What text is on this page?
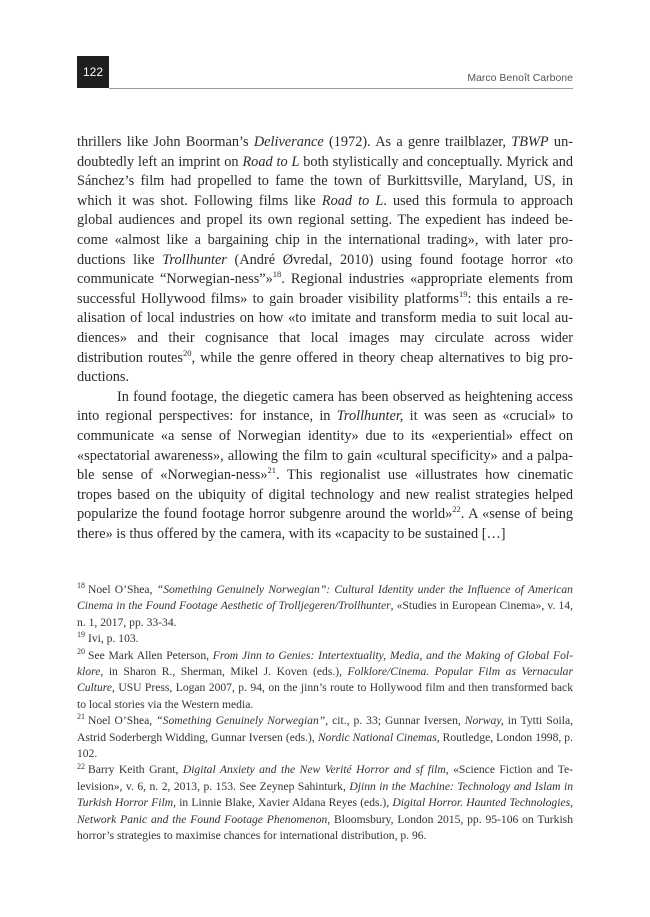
122	Marco Benoît Carbone

thrillers like John Boorman’s Deliverance (1972). As a genre trailblazer, TBWP undoubtedly left an imprint on Road to L both stylistically and conceptually. Myrick and Sánchez’s film had propelled to fame the town of Burkittsville, Maryland, US, in which it was shot. Following films like Road to L. used this formula to approach global audiences and propel its own regional setting. The expedient has indeed become «almost like a bargaining chip in the international trading», with later productions like Trollhunter (André Øvredal, 2010) using found footage horror «to communicate “Norwegian-ness”»$^{18}$. Regional industries «appropriate elements from successful Hollywood films» to gain broader visibility platforms$^{19}$: this entails a realisation of local industries on how «to imitate and transform media to suit local audiences» and their cognisance that local images may circulate across wider distribution routes$^{20}$, while the genre offered in theory cheap alternatives to big productions.

In found footage, the diegetic camera has been observed as heightening access into regional perspectives: for instance, in Trollhunter, it was seen as «crucial» to communicate «a sense of Norwegian identity» due to its «experiential» effect on «spectatorial awareness», allowing the film to gain «cultural specificity» and a palpable sense of «Norwegian-ness»$^{21}$. This regionalist use «illustrates how cinematic tropes based on the ubiquity of digital technology and new realist strategies helped popularize the found footage horror subgenre around the world»$^{22}$. A «sense of being there» is thus offered by the camera, with its «capacity to be sustained […]

$^{18}$ Noel O’Shea, “Something Genuinely Norwegian”: Cultural Identity under the Influence of American Cinema in the Found Footage Aesthetic of Trolljegeren/Trollhunter, «Studies in European Cinema», v. 14, n. 1, 2017, pp. 33-34.

$^{19}$ Ivi, p. 103.

$^{20}$ See Mark Allen Peterson, From Jinn to Genies: Intertextuality, Media, and the Making of Global Folklore, in Sharon R., Sherman, Mikel J. Koven (eds.), Folklore/Cinema. Popular Film as Vernacular Culture, USU Press, Logan 2007, p. 94, on the jinn’s route to Hollywood film and then transformed back to local stories via the Western media.

$^{21}$ Noel O’Shea, “Something Genuinely Norwegian”, cit., p. 33; Gunnar Iversen, Norway, in Tytti Soila, Astrid Soderbergh Widding, Gunnar Iversen (eds.), Nordic National Cinemas, Routledge, London 1998, p. 102.

$^{22}$ Barry Keith Grant, Digital Anxiety and the New Verité Horror and sf film, «Science Fiction and Television», v. 6, n. 2, 2013, p. 153. See Zeynep Sahinturk, Djinn in the Machine: Technology and Islam in Turkish Horror Film, in Linnie Blake, Xavier Aldana Reyes (eds.), Digital Horror. Haunted Technologies, Network Panic and the Found Footage Phenomenon, Bloomsbury, London 2015, pp. 95-106 on Turkish horror’s strategies to maximise chances for international distribution, p. 96.
